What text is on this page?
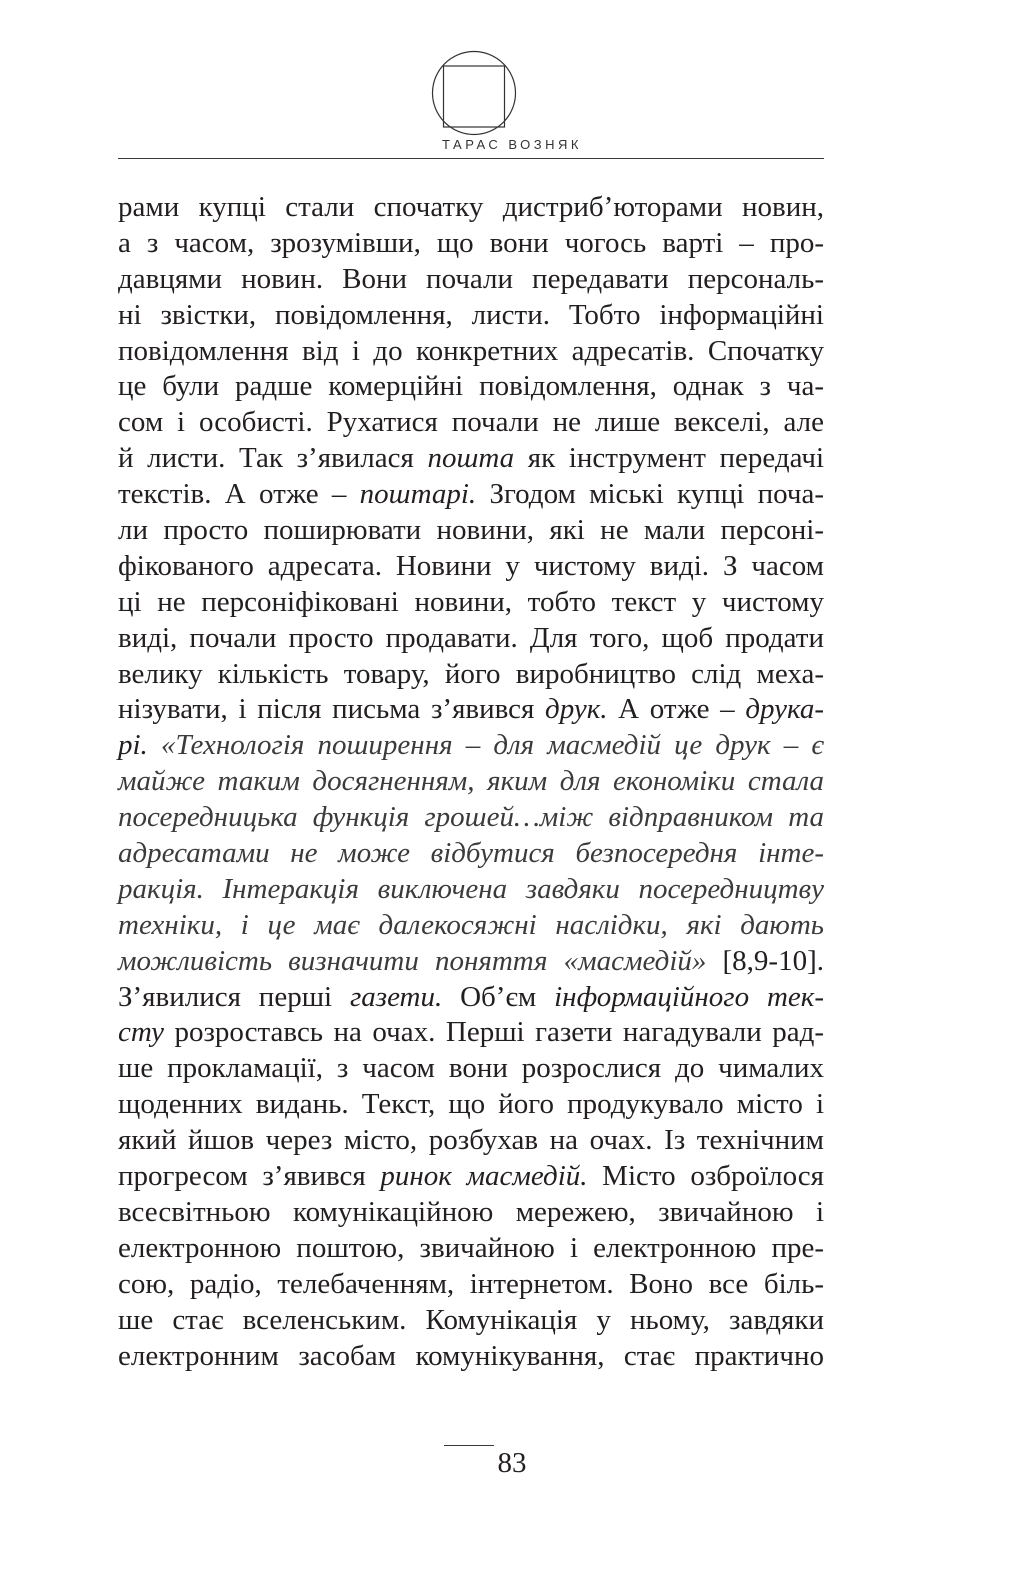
ТАРАС ВОЗНЯК
рами купці стали спочатку дистриб’юторами новин,
а з часом, зрозумівши, що вони чогось варті – про-
давцями новин. Вони почали передавати персональ-
ні звістки, повідомлення, листи. Тобто інформаційні
повідомлення від і до конкретних адресатів. Спочатку
це були радше комерційні повідомлення, однак з ча-
сом і особисті. Рухатися почали не лише векселі, але
й листи. Так з’явилася пошта як інструмент передачі
текстів. А отже – поштарі. Згодом міські купці поча-
ли просто поширювати новини, які не мали персоні-
фікованого адресата. Новини у чистому виді. З часом
ці не персоніфіковані новини, тобто текст у чистому
виді, почали просто продавати. Для того, щоб продати
велику кількість товару, його виробництво слід меха-
нізувати, і після письма з’явився друк. А отже – друка-
рі. «Технологія поширення – для масмедій це друк – є
майже таким досягненням, яким для економіки стала
посередницька функція грошей…між відправником та
адресатами не може відбутися безпосередня інте-
ракція. Інтеракція виключена завдяки посередництву
техніки, і це має далекосяжні наслідки, які дають
можливість визначити поняття «масмедій» [8,9-10].
З’явилися перші газети. Об’єм інформаційного тек-
сту розроставсь на очах. Перші газети нагадували рад-
ше прокламації, з часом вони розрослися до чималих
щоденних видань. Текст, що його продукувало місто і
який йшов через місто, розбухав на очах. Із технічним
прогресом з’явився ринок масмедій. Місто озброїлося
всесвітньою комунікаційною мережею, звичайною і
електронною поштою, звичайною і електронною пре-
сою, радіо, телебаченням, інтернетом. Воно все біль-
ше стає вселенським. Комунікація у ньому, завдяки
електронним засобам комунікування, стає практично
83
